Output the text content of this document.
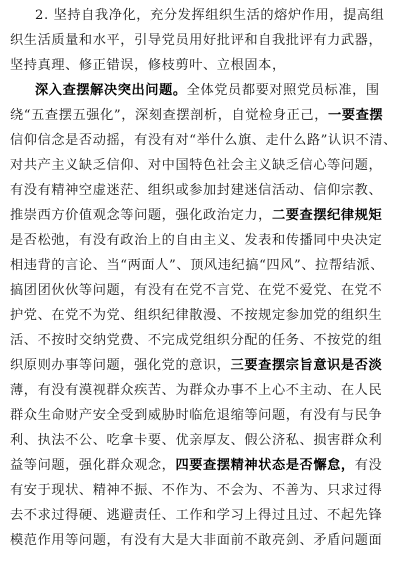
2. 坚持自我净化，充分发挥组织生活的熔炉作用，提高组
织生活质量和水平，引导党员用好批评和自我批评有力武器，
坚持真理、修正错误，修枝剪叶、立根固本，
深入查摆解决突出问题。全体党员都要对照党员标准，围
绕“五查摆五强化”，深刻查摆剖析，自觉检身正己，一要查摆
信仰信念是否动摇，有没有对“举什么旗、走什么路”认识不清、
对共产主义缺乏信仰、对中国特色社会主义缺乏信心等问题，
有没有精神空虚迷茫、组织或参加封建迷信活动、信仰宗教、
推崇西方价值观念等问题，强化政治定力，二要查摆纪律规矩
是否松弛，有没有政治上的自由主义、发表和传播同中央决定
相违背的言论、当“两面人”、顶风违纪搞“四风”、拉帮结派、
搞团团伙伙等问题，有没有在党不言党、在党不爱党、在党不
护党、在党不为党、组织纪律散漫、不按规定参加党的组织生
活、不按时交纳党费、不完成党组织分配的任务、不按党的组
织原则办事等问题，强化党的意识，三要查摆宗旨意识是否淡
薄，有没有漠视群众疾苦、为群众办事不上心不主动、在人民
群众生命财产安全受到威胁时临危退缩等问题，有没有与民争
利、执法不公、吃拿卡要、优亲厚友、假公济私、损害群众利
益等问题，强化群众观念，四要查摆精神状态是否懈怠，有没
有安于现状、精神不振、不作为、不会为、不善为、只求过得
去不求过得硬、逃避责任、工作和学习上得过且过、不起先锋
模范作用等问题，有没有大是大非面前不敢亮剑、矛盾问题面
